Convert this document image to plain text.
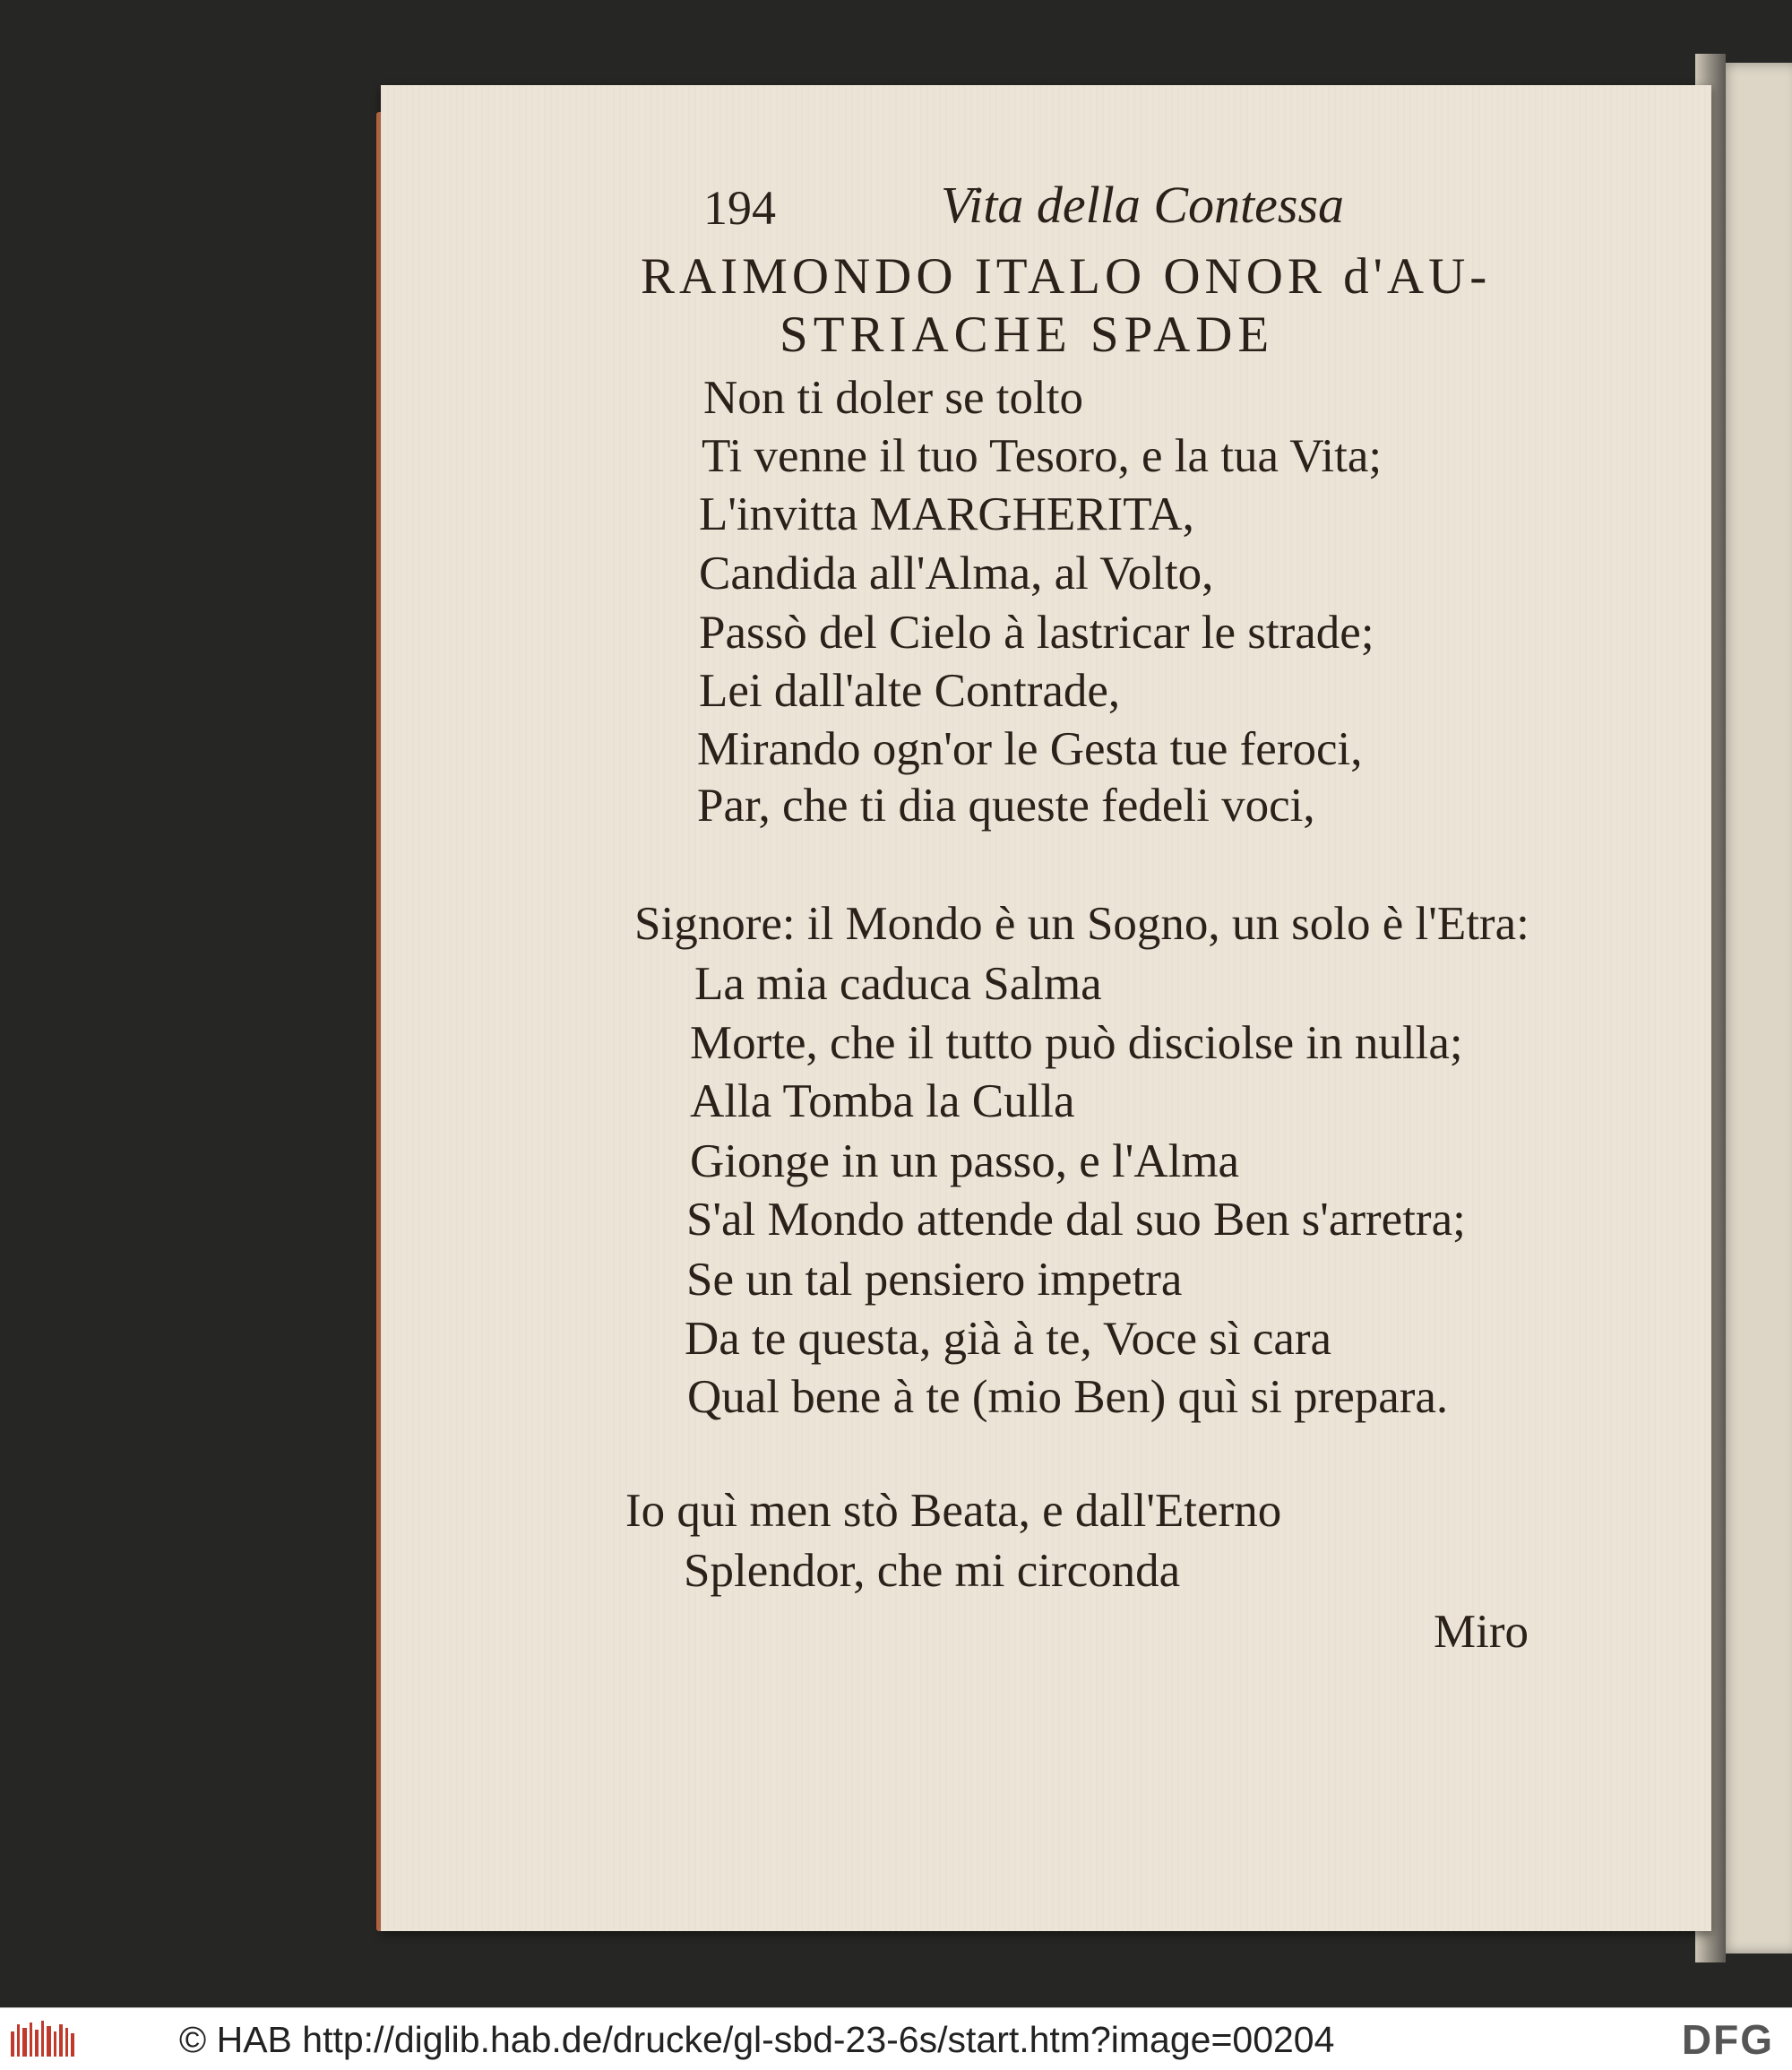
194	Vita della Contessa
RAIMONDO ITALO ONOR d'AU-
STRIACHE SPADE
Non ti doler se tolto
Ti venne il tuo Tesoro, e la tua Vita;
L'invitta MARGHERITA,
Candida all'Alma, al Volto,
Passò del Cielo à lastricar le strade;
Lei dall'alte Contrade,
Mirando ogn'or le Gesta tue feroci,
Par, che ti dia queste fedeli voci,
Signore: il Mondo è un Sogno, un solo è l'Etra:
La mia caduca Salma
Morte, che il tutto può disciolse in nulla;
Alla Tomba la Culla
Gionge in un passo, e l'Alma
S'al Mondo attende dal suo Ben s'arretra;
Se un tal pensiero impetra
Da te questa, già à te, Voce sì cara
Qual bene à te (mio Ben) quì si prepara.
Io quì men stò Beata, e dall'Eterno
Splendor, che mi circonda
Miro
© HAB http://diglib.hab.de/drucke/gl-sbd-23-6s/start.htm?image=00204	DFG
